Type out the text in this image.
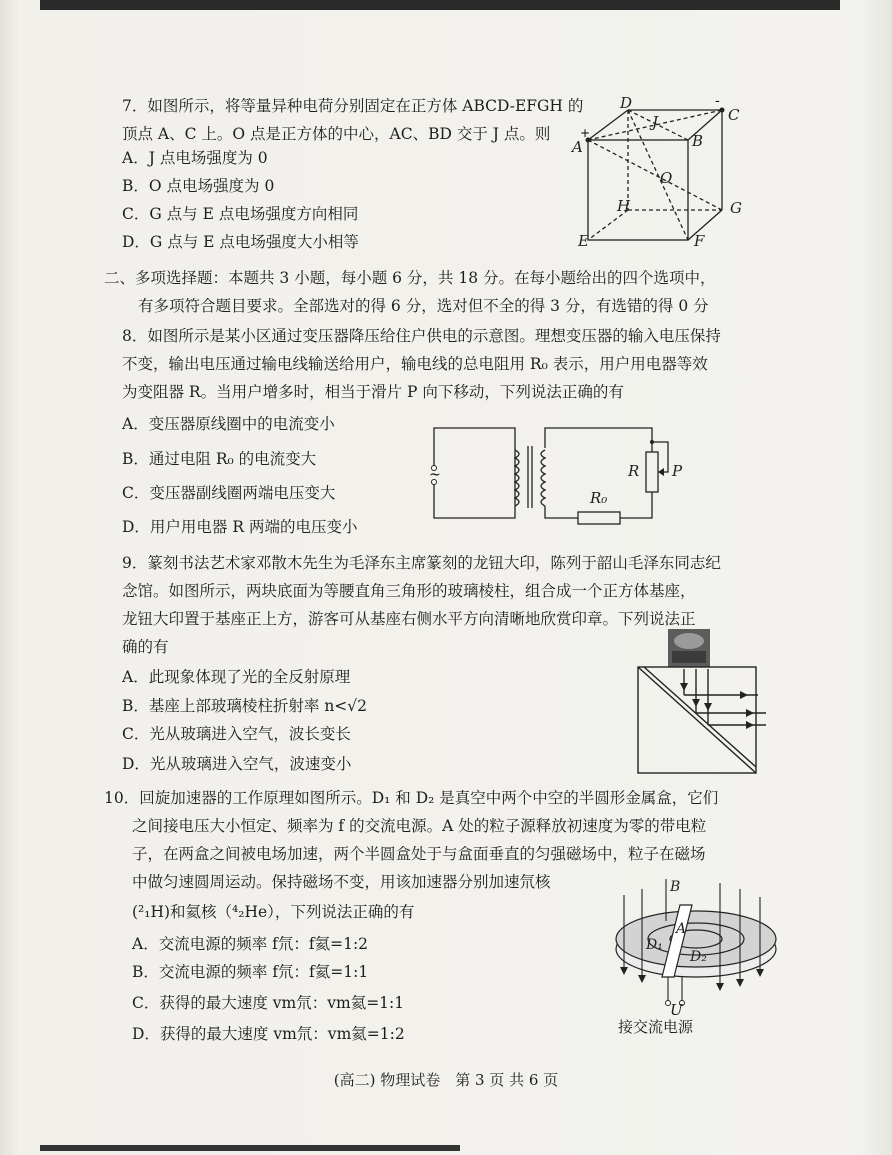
7．如图所示，将等量异种电荷分别固定在正方体 ABCD-EFGH 的
顶点 A、C 上。O 点是正方体的中心，AC、BD 交于 J 点。则
A．J 点电场强度为 0
B．O 点电场强度为 0
C．G 点与 E 点电场强度方向相同
D．G 点与 E 点电场强度大小相等
A	B
C
D
E	F
G
H
J
O
+
-
二、多项选择题：本题共 3 小题，每小题 6 分，共 18 分。在每小题给出的四个选项中，
有多项符合题目要求。全部选对的得 6 分，选对但不全的得 3 分，有选错的得 0 分
8．如图所示是某小区通过变压器降压给住户供电的示意图。理想变压器的输入电压保持
不变，输出电压通过输电线输送给用户，输电线的总电阻用 R₀ 表示，用户用电器等效
为变阻器 R。当用户增多时，相当于滑片 P 向下移动，下列说法正确的有
A．变压器原线圈中的电流变小
B．通过电阻 R₀ 的电流变大
C．变压器副线圈两端电压变大
D．用户用电器 R 两端的电压变小
~	R P
R₀
9．篆刻书法艺术家邓散木先生为毛泽东主席篆刻的龙钮大印，陈列于韶山毛泽东同志纪
念馆。如图所示，两块底面为等腰直角三角形的玻璃棱柱，组合成一个正方体基座，
龙钮大印置于基座正上方，游客可从基座右侧水平方向清晰地欣赏印章。下列说法正
确的有
A．此现象体现了光的全反射原理
B．基座上部玻璃棱柱折射率 n<√2
C．光从玻璃进入空气，波长变长
D．光从玻璃进入空气，波速变小
10．回旋加速器的工作原理如图所示。D₁ 和 D₂ 是真空中两个中空的半圆形金属盒，它们
之间接电压大小恒定、频率为 f 的交流电源。A 处的粒子源释放初速度为零的带电粒
子，在两盒之间被电场加速，两个半圆盒处于与盒面垂直的匀强磁场中，粒子在磁场
中做匀速圆周运动。保持磁场不变，用该加速器分别加速氘核
(²₁H)和氦核（⁴₂He），下列说法正确的有
A．交流电源的频率 f氘：f氦=1:2
B．交流电源的频率 f氘：f氦=1:1
C．获得的最大速度 vm氘：vm氦=1:1
D．获得的最大速度 vm氘：vm氦=1:2
B
A
D₁
D₂
U
接交流电源
(高二) 物理试卷　第 3 页 共 6 页
